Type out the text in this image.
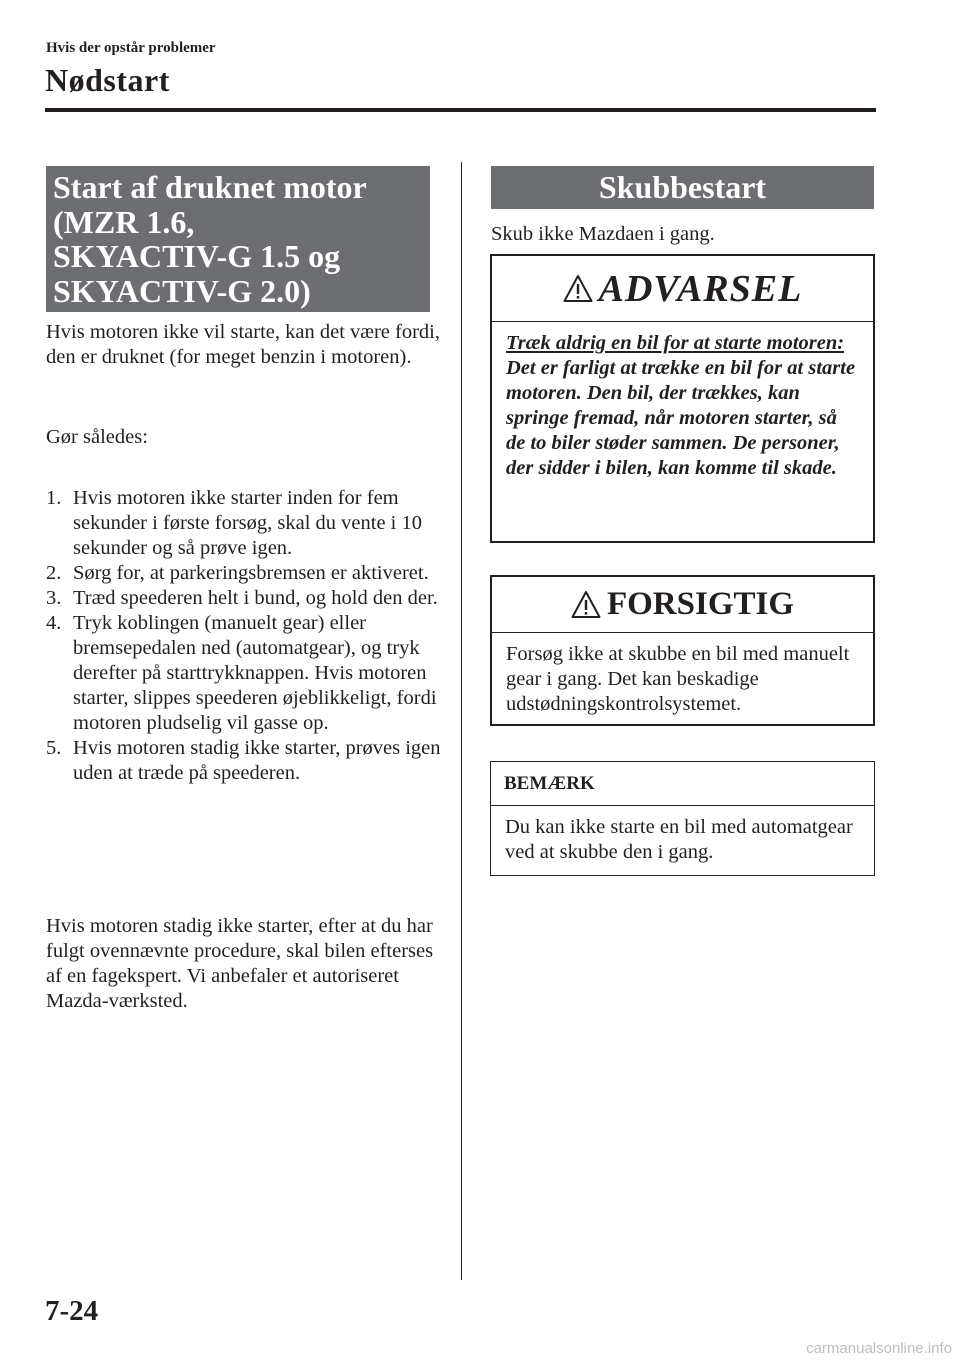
Hvis der opstår problemer
Nødstart
Start af druknet motor
(MZR 1.6,
SKYACTIV-G 1.5 og
SKYACTIV-G 2.0)
Hvis motoren ikke vil starte, kan det være fordi, den er druknet (for meget benzin i motoren).
Gør således:
1. Hvis motoren ikke starter inden for fem sekunder i første forsøg, skal du vente i 10 sekunder og så prøve igen.
2. Sørg for, at parkeringsbremsen er aktiveret.
3. Træd speederen helt i bund, og hold den der.
4. Tryk koblingen (manuelt gear) eller bremsepedalen ned (automatgear), og tryk derefter på starttrykknappen. Hvis motoren starter, slippes speederen øjeblikkeligt, fordi motoren pludselig vil gasse op.
5. Hvis motoren stadig ikke starter, prøves igen uden at træde på speederen.
Hvis motoren stadig ikke starter, efter at du har fulgt ovennævnte procedure, skal bilen efterses af en fagekspert. Vi anbefaler et autoriseret Mazda-værksted.
Skubbestart
Skub ikke Mazdaen i gang.
ADVARSEL
Træk aldrig en bil for at starte motoren:
Det er farligt at trække en bil for at starte motoren. Den bil, der trækkes, kan springe fremad, når motoren starter, så de to biler støder sammen. De personer, der sidder i bilen, kan komme til skade.
FORSIGTIG
Forsøg ikke at skubbe en bil med manuelt gear i gang. Det kan beskadige udstødningskontrolsystemet.
BEMÆRK
Du kan ikke starte en bil med automatgear ved at skubbe den i gang.
7-24
carmanualsonline.info
